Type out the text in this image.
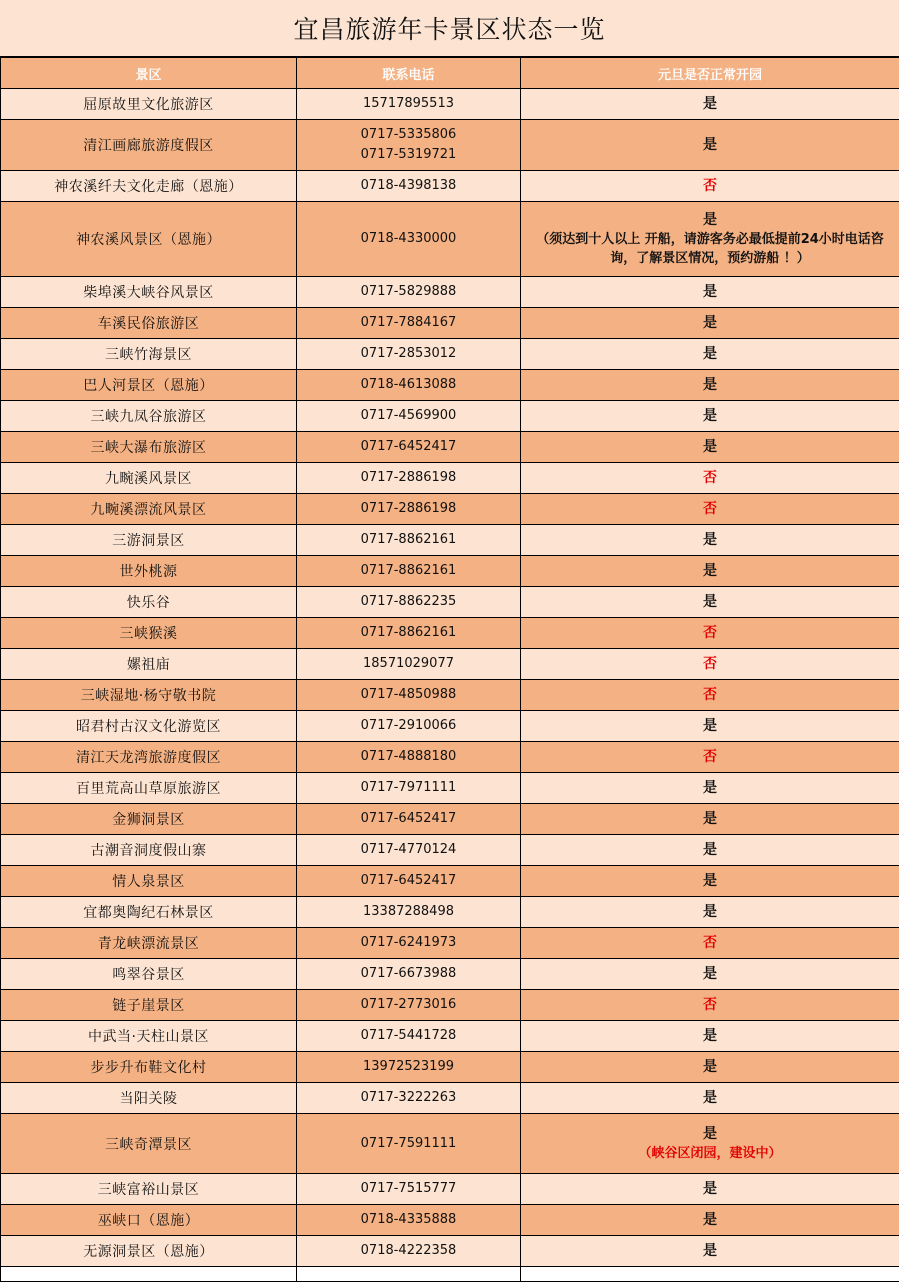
宜昌旅游年卡景区状态一览
景区	联系电话	元旦是否正常开园
屈原故里文化旅游区	15717895513	是

清江画廊旅游度假区	0717-5335806
0717-5319721	是

神农溪纤夫文化走廊（恩施）	0718-4398138	否

神农溪风景区（恩施）	0718-4330000	是
（须达到十人以上 开船，请游客务必最低提前24小时电话咨询，了解景区情况，预约游船 ！）

柴埠溪大峡谷风景区	0717-5829888	是

车溪民俗旅游区	0717-7884167	是

三峡竹海景区	0717-2853012	是

巴人河景区（恩施）	0718-4613088	是

三峡九凤谷旅游区	0717-4569900	是

三峡大瀑布旅游区	0717-6452417	是

九畹溪风景区	0717-2886198	否

九畹溪漂流风景区	0717-2886198	否

三游洞景区	0717-8862161	是

世外桃源	0717-8862161	是

快乐谷	0717-8862235	是

三峡猴溪	0717-8862161	否

嫘祖庙	18571029077	否

三峡湿地·杨守敬书院	0717-4850988	否

昭君村古汉文化游览区	0717-2910066	是

清江天龙湾旅游度假区	0717-4888180	否

百里荒高山草原旅游区	0717-7971111	是

金狮洞景区	0717-6452417	是

古潮音洞度假山寨	0717-4770124	是

情人泉景区	0717-6452417	是

宜都奥陶纪石林景区	13387288498	是

青龙峡漂流景区	0717-6241973	否

鸣翠谷景区	0717-6673988	是

链子崖景区	0717-2773016	否

中武当·天柱山景区	0717-5441728	是

步步升布鞋文化村	13972523199	是

当阳关陵	0717-3222263	是

三峡奇潭景区	0717-7591111	是
（峡谷区闭园，建设中）

三峡富裕山景区	0717-7515777	是

巫峡口（恩施）	0718-4335888	是

无源洞景区（恩施）	0718-4222358	是
